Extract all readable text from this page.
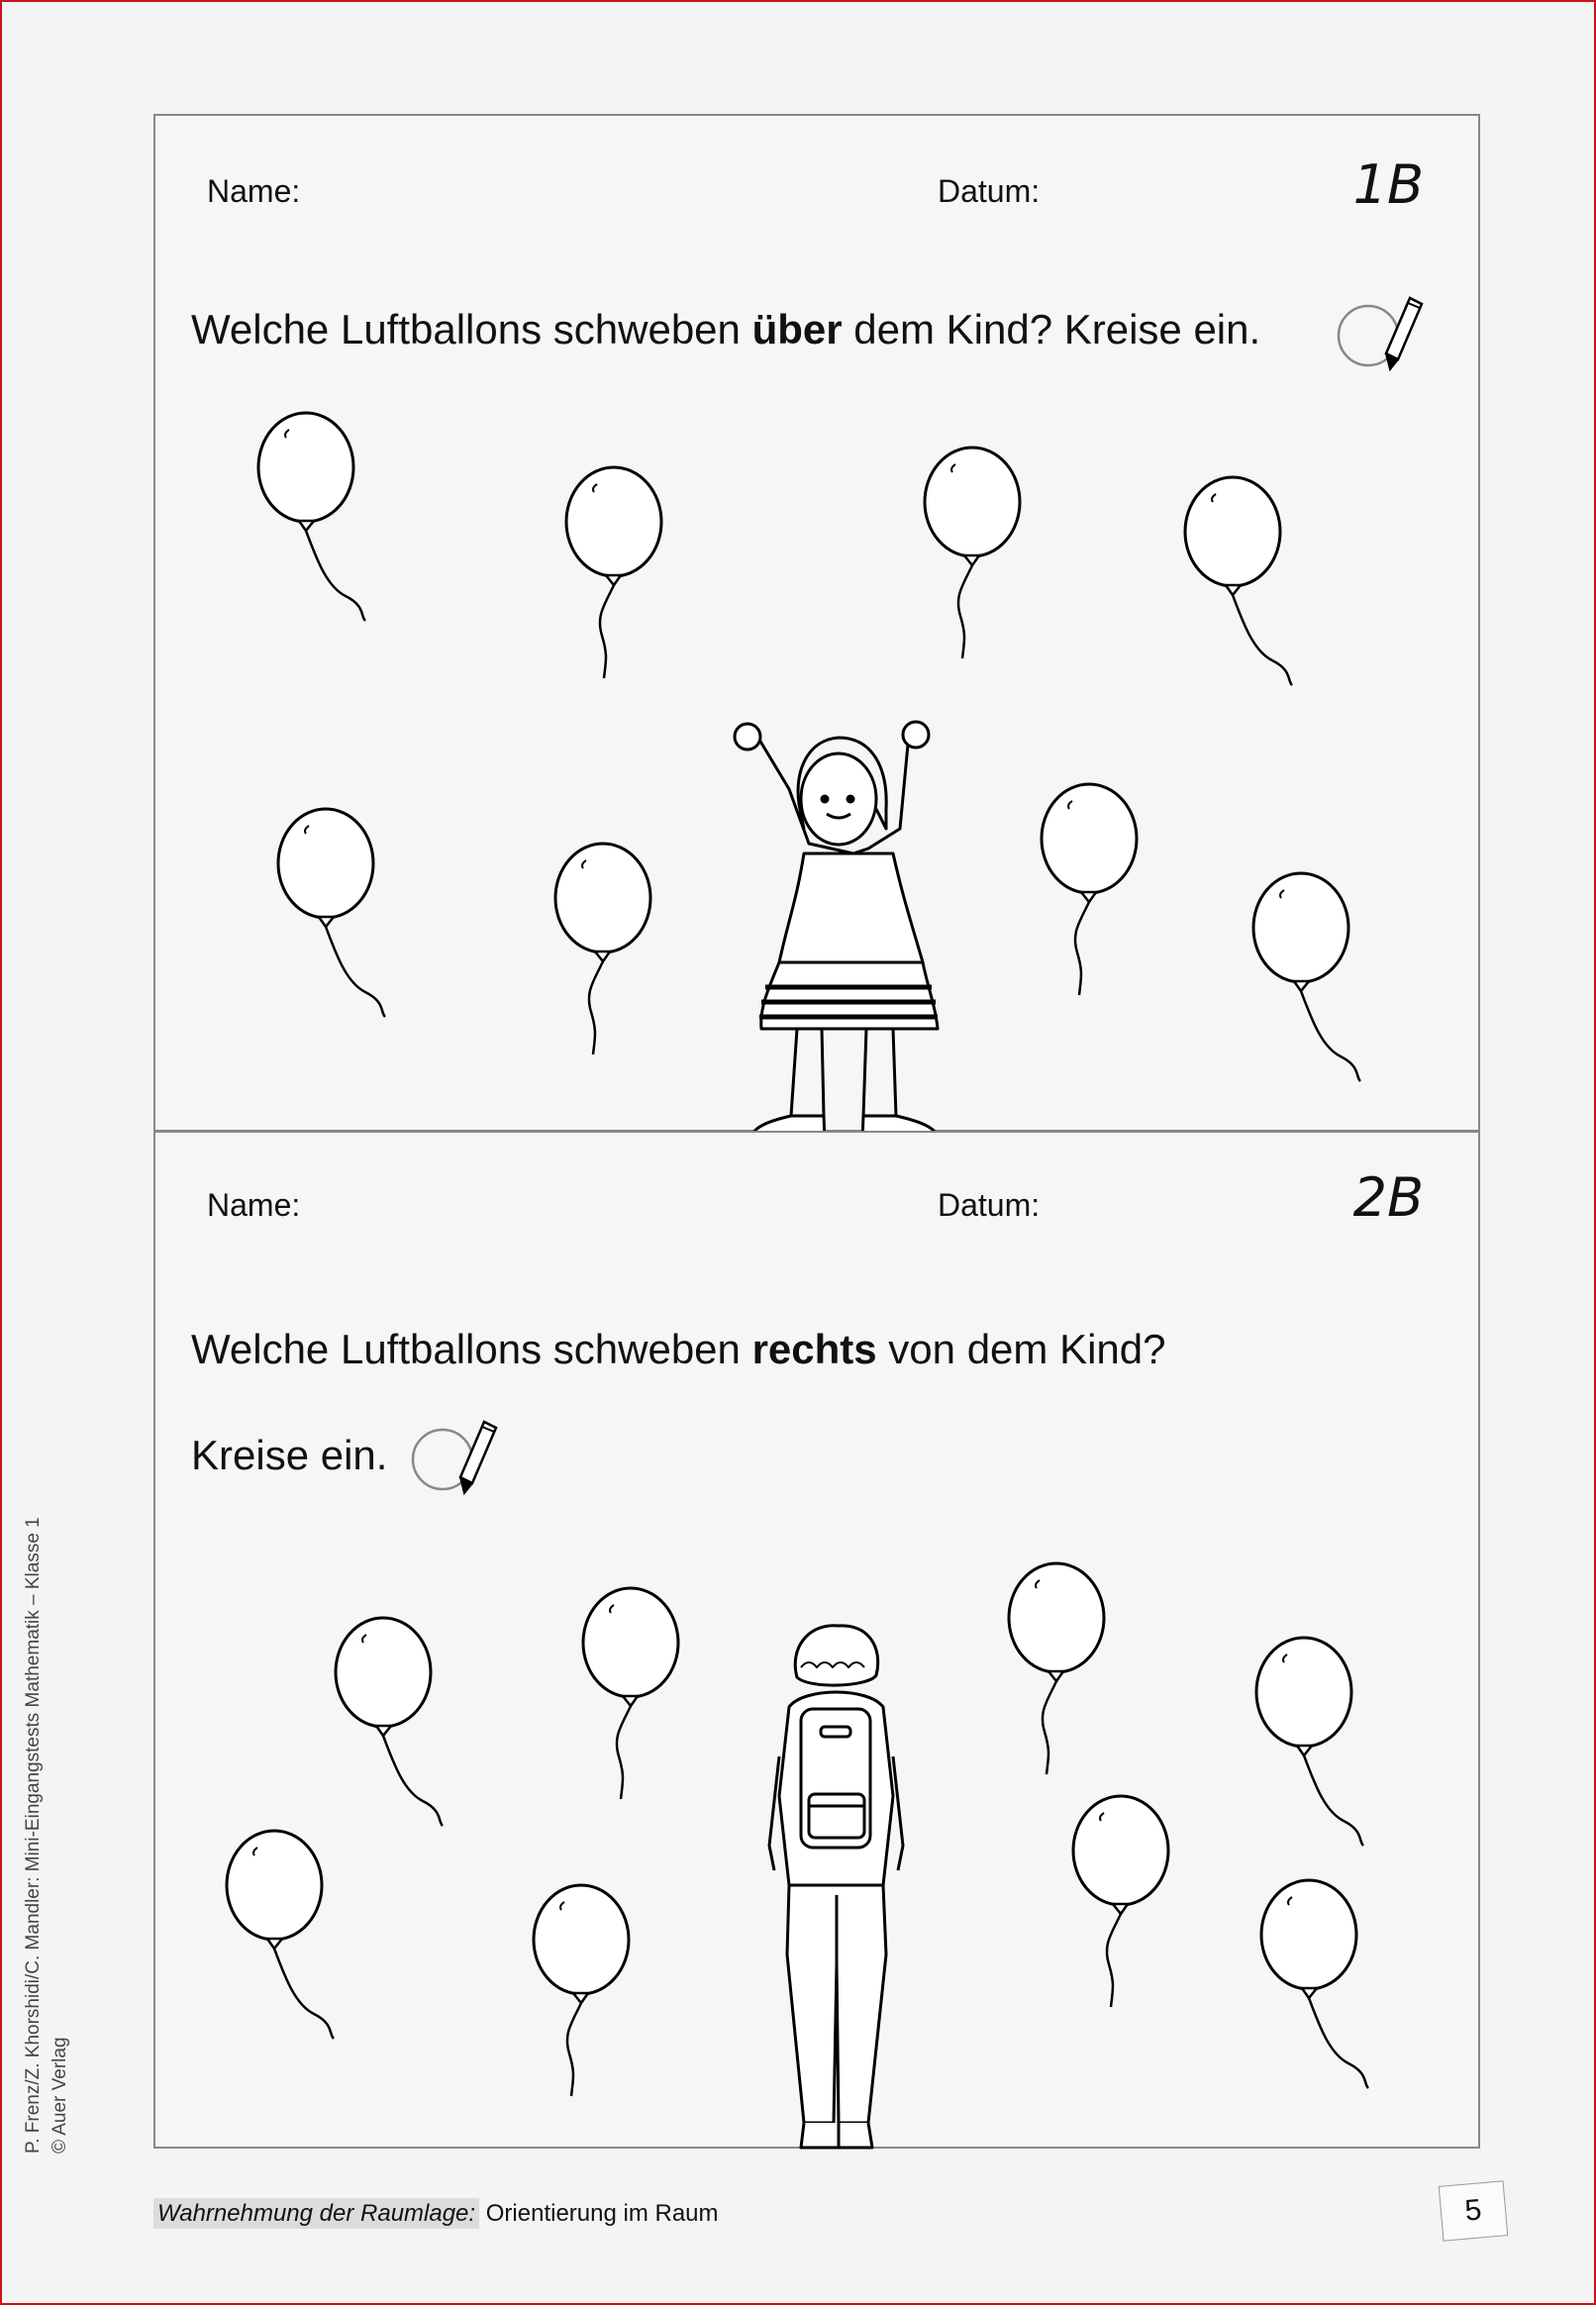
Name:	Datum:	1B
Welche Luftballons schweben über dem Kind? Kreise ein.
Name:	Datum:	2B
Welche Luftballons schweben rechts von dem Kind?
Kreise ein.
P. Frenz/Z. Khorshidi/C. Mandler: Mini-Eingangstests Mathematik – Klasse 1 © Auer Verlag
Wahrnehmung der Raumlage: Orientierung im Raum	5
